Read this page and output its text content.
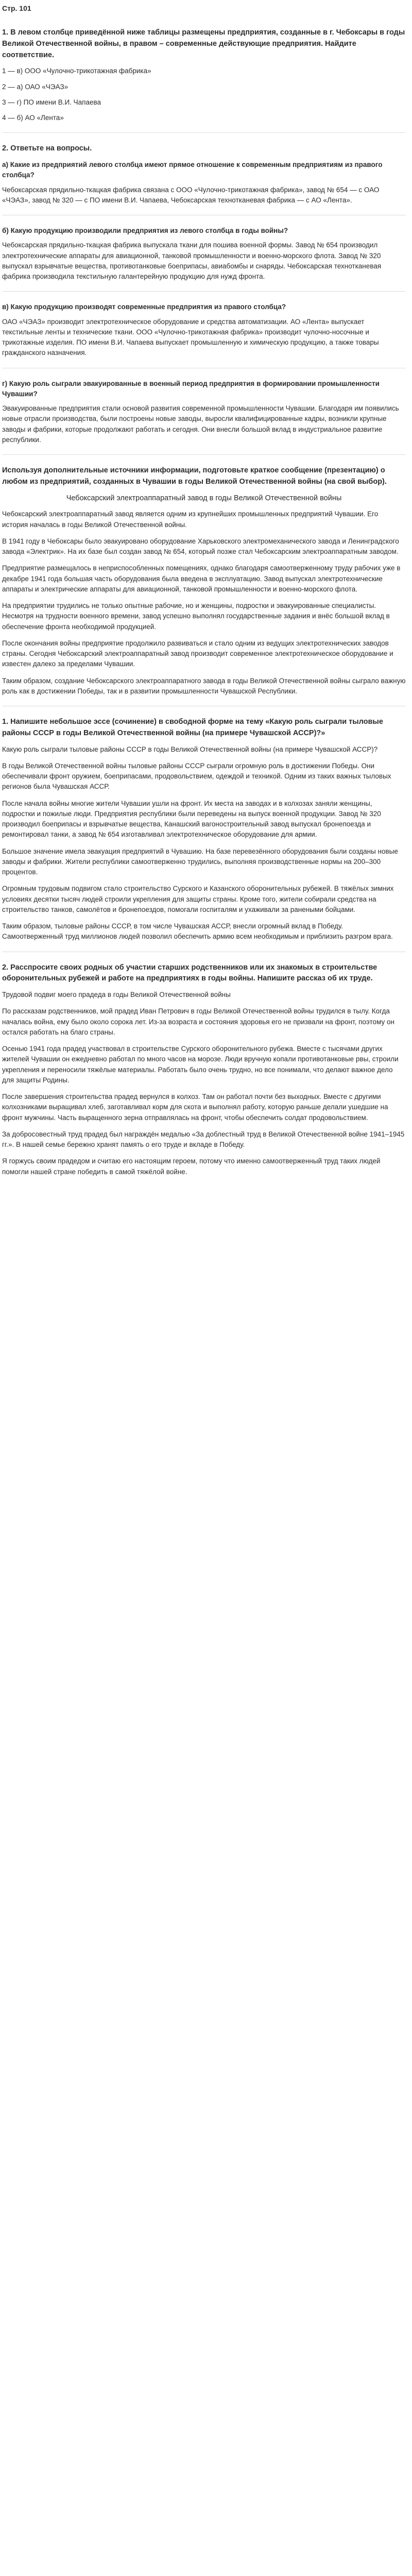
Стр. 101
1. В левом столбце приведённой ниже таблицы размещены предприятия, созданные в г. Чебоксары в годы Великой Отечественной войны, в правом – современные действующие предприятия. Найдите соответствие.
1 — в) ООО «Чулочно-трикотажная фабрика»
2 — а) ОАО «ЧЭАЗ»
3 — г) ПО имени В.И. Чапаева
4 — б) АО «Лента»
2. Ответьте на вопросы.
а) Какие из предприятий левого столбца имеют прямое отношение к современным предприятиям из правого столбца?

Чебоксарская прядильно-ткацкая фабрика связана с ООО «Чулочно-трикотажная фабрика», завод № 654 — с ОАО «ЧЭАЗ», завод № 320 — с ПО имени В.И. Чапаева, Чебоксарская технотканевая фабрика — с АО «Лента».

б) Какую продукцию производили предприятия из левого столбца в годы войны?

Чебоксарская прядильно-ткацкая фабрика выпускала ткани для пошива военной формы. Завод № 654 производил электротехнические аппараты для авиационной, танковой промышленности и военно-морского флота. Завод № 320 выпускал взрывчатые вещества, противотанковые боеприпасы, авиабомбы и снаряды. Чебоксарская технотканевая фабрика производила текстильную галантерейную продукцию для нужд фронта.

в) Какую продукцию производят современные предприятия из правого столбца?

ОАО «ЧЭАЗ» производит электротехническое оборудование и средства автоматизации. АО «Лента» выпускает текстильные ленты и технические ткани. ООО «Чулочно-трикотажная фабрика» производит чулочно-носочные и трикотажные изделия. ПО имени В.И. Чапаева выпускает промышленную и химическую продукцию, а также товары гражданского назначения.

г) Какую роль сыграли эвакуированные в военный период предприятия в формировании промышленности Чувашии?

Эвакуированные предприятия стали основой развития современной промышленности Чувашии. Благодаря им появились новые отрасли производства, были построены новые заводы, выросли квалифицированные кадры, возникли крупные заводы и фабрики, которые продолжают работать и сегодня. Они внесли большой вклад в индустриальное развитие республики.

Используя дополнительные источники информации, подготовьте краткое сообщение (презентацию) о любом из предприятий, созданных в Чувашии в годы Великой Отечественной войны (на свой выбор).
Чебоксарский электроаппаратный завод в годы Великой Отечественной войны

Чебоксарский электроаппаратный завод является одним из крупнейших промышленных предприятий Чувашии. Его история началась в годы Великой Отечественной войны.

В 1941 году в Чебоксары было эвакуировано оборудование Харьковского электромеханического завода и Ленинградского завода «Электрик». На их базе был создан завод № 654, который позже стал Чебоксарским электроаппаратным заводом.

Предприятие размещалось в неприспособленных помещениях, однако благодаря самоотверженному труду рабочих уже в декабре 1941 года большая часть оборудования была введена в эксплуатацию. Завод выпускал электротехнические аппараты и электрические аппараты для авиационной, танковой промышленности и военно-морского флота.

На предприятии трудились не только опытные рабочие, но и женщины, подростки и эвакуированные специалисты. Несмотря на трудности военного времени, завод успешно выполнял государственные задания и внёс большой вклад в обеспечение фронта необходимой продукцией.

После окончания войны предприятие продолжило развиваться и стало одним из ведущих электротехнических заводов страны. Сегодня Чебоксарский электроаппаратный завод производит современное электротехническое оборудование и известен далеко за пределами Чувашии.

Таким образом, создание Чебоксарского электроаппаратного завода в годы Великой Отечественной войны сыграло важную роль как в достижении Победы, так и в развитии промышленности Чувашской Республики.

1. Напишите небольшое эссе (сочинение) в свободной форме на тему «Какую роль сыграли тыловые районы СССР в годы Великой Отечественной войны (на примере Чувашской АССР)?»

Какую роль сыграли тыловые районы СССР в годы Великой Отечественной войны (на примере Чувашской АССР)?

В годы Великой Отечественной войны тыловые районы СССР сыграли огромную роль в достижении Победы. Они обеспечивали фронт оружием, боеприпасами, продовольствием, одеждой и техникой. Одним из таких важных тыловых регионов была Чувашская АССР.

После начала войны многие жители Чувашии ушли на фронт. Их места на заводах и в колхозах заняли женщины, подростки и пожилые люди. Предприятия республики были переведены на выпуск военной продукции. Завод № 320 производил боеприпасы и взрывчатые вещества, Канашский вагоностроительный завод выпускал бронепоезда и ремонтировал танки, а завод № 654 изготавливал электротехническое оборудование для армии.

Большое значение имела эвакуация предприятий в Чувашию. На базе перевезённого оборудования были созданы новые заводы и фабрики. Жители республики самоотверженно трудились, выполняя производственные нормы на 200–300 процентов.

Огромным трудовым подвигом стало строительство Сурского и Казанского оборонительных рубежей. В тяжёлых зимних условиях десятки тысяч людей строили укрепления для защиты страны. Кроме того, жители собирали средства на строительство танков, самолётов и бронепоездов, помогали госпиталям и ухаживали за ранеными бойцами.

Таким образом, тыловые районы СССР, в том числе Чувашская АССР, внесли огромный вклад в Победу. Самоотверженный труд миллионов людей позволил обеспечить армию всем необходимым и приблизить разгром врага.

2. Расспросите своих родных об участии старших родственников или их знакомых в строительстве оборонительных рубежей и работе на предприятиях в годы войны. Напишите рассказ об их труде.

Трудовой подвиг моего прадеда в годы Великой Отечественной войны

По рассказам родственников, мой прадед Иван Петрович в годы Великой Отечественной войны трудился в тылу. Когда началась война, ему было около сорока лет. Из-за возраста и состояния здоровья его не призвали на фронт, поэтому он остался работать на благо страны.

Осенью 1941 года прадед участвовал в строительстве Сурского оборонительного рубежа. Вместе с тысячами других жителей Чувашии он ежедневно работал по много часов на морозе. Люди вручную копали противотанковые рвы, строили укрепления и переносили тяжёлые материалы. Работать было очень трудно, но все понимали, что делают важное дело для защиты Родины.

После завершения строительства прадед вернулся в колхоз. Там он работал почти без выходных. Вместе с другими колхозниками выращивал хлеб, заготавливал корм для скота и выполнял работу, которую раньше делали ушедшие на фронт мужчины. Часть выращенного зерна отправлялась на фронт, чтобы обеспечить солдат продовольствием.

За добросовестный труд прадед был награждён медалью «За доблестный труд в Великой Отечественной войне 1941–1945 гг.». В нашей семье бережно хранят память о его труде и вкладе в Победу.

Я горжусь своим прадедом и считаю его настоящим героем, потому что именно самоотверженный труд таких людей помогли нашей стране победить в самой тяжёлой войне.
